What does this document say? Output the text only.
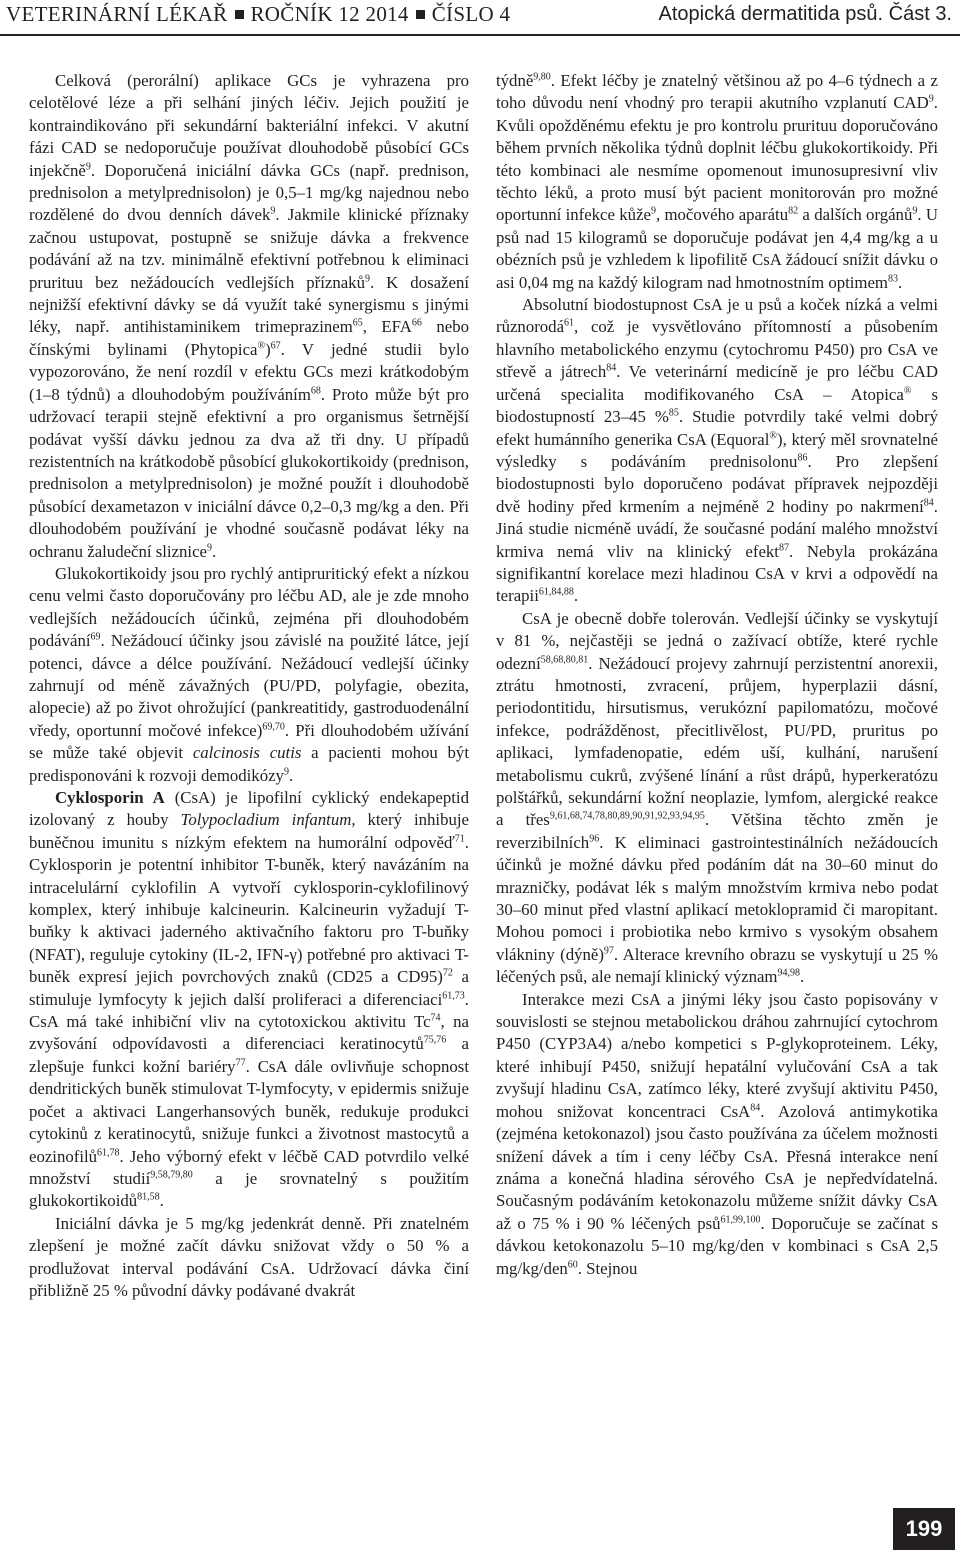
VETERINÁRNÍ LÉKAŘ ROČNÍK 12 2014 ČÍSLO 4	Atopická dermatitida psů. Část 3.

Celková (perorální) aplikace GCs je vyhrazena pro celotělové léze a při selhání jiných léčiv. Jejich použití je kontraindikováno při sekundární bakteriální infekci. V akutní fázi CAD se nedoporučuje používat dlouhodobě působící GCs injekčně$^9$. Doporučená iniciální dávka GCs (např. prednison, prednisolon a metylprednisolon) je 0,5–1 mg/kg najednou nebo rozdělené do dvou denních dávek$^9$. Jakmile klinické příznaky začnou ustupovat, postupně se snižuje dávka a frekvence podávání až na tzv. minimálně efektivní potřebnou k eliminaci prurituu bez nežádoucích vedlejších příznaků$^9$. K dosažení nejnižší efektivní dávky se dá využít také synergismu s jinými léky, např. antihistaminikem trimeprazinem$^{65}$, EFA$^{66}$ nebo čínskými bylinami (Phytopica®)$^{67}$. V jedné studii bylo vypozorováno, že není rozdíl v efektu GCs mezi krátkodobým (1–8 týdnů) a dlouhodobým používáním$^{68}$. Proto může být pro udržovací terapii stejně efektivní a pro organismus šetrnější podávat vyšší dávku jednou za dva až tři dny. U případů rezistentních na krátkodobě působící glukokortikoidy (prednison, prednisolon a metylprednisolon) je možné použít i dlouhodobě působící dexametazon v iniciální dávce 0,2–0,3 mg/kg a den. Při dlouhodobém používání je vhodné současně podávat léky na ochranu žaludeční sliznice$^9$.

Glukokortikoidy jsou pro rychlý antipruritický efekt a nízkou cenu velmi často doporučovány pro léčbu AD, ale je zde mnoho vedlejších nežádoucích účinků, zejména při dlouhodobém podávání$^{69}$. Nežádoucí účinky jsou závislé na použité látce, její potenci, dávce a délce používání. Nežádoucí vedlejší účinky zahrnují od méně závažných (PU/PD, polyfagie, obezita, alopecie) až po život ohrožující (pankreatitidy, gastroduodenální vředy, oportunní močové infekce)$^{69,70}$. Při dlouhodobém užívání se může také objevit calcinosis cutis a pacienti mohou být predisponováni k rozvoji demodikózy$^9$.

Cyklosporin A (CsA) je lipofilní cyklický endekapeptid izolovaný z houby Tolypocladium infantum, který inhibuje buněčnou imunitu s nízkým efektem na humorální odpověď$^{71}$. Cyklosporin je potentní inhibitor T-buněk, který navázáním na intracelulární cyklofilin A vytvoří cyklosporin-cyklofilinový komplex, který inhibuje kalcineurin. Kalcineurin vyžadují T-buňky k aktivaci jaderného aktivačního faktoru pro T-buňky (NFAT), reguluje cytokiny (IL-2, IFN-γ) potřebné pro aktivaci T-buněk expresí jejich povrchových znaků (CD25 a CD95)$^{72}$ a stimuluje lymfocyty k jejich další proliferaci a diferenciaci$^{61,73}$. CsA má také inhibiční vliv na cytotoxickou aktivitu Tc$^{74}$, na zvyšování odpovídavosti a diferenciaci keratinocytů$^{75,76}$ a zlepšuje funkci kožní bariéry$^{77}$. CsA dále ovlivňuje schopnost dendritických buněk stimulovat T-lymfocyty, v epidermis snižuje počet a aktivaci Langerhansových buněk, redukuje produkci cytokinů z keratinocytů, snižuje funkci a životnost mastocytů a eozinofilů$^{61,78}$. Jeho výborný efekt v léčbě CAD potvrdilo velké množství studií$^{9,58,79,80}$ a je srovnatelný s použitím glukokortikoidů$^{81,58}$.

Iniciální dávka je 5 mg/kg jedenkrát denně. Při znatelném zlepšení je možné začít dávku snižovat vždy o 50 % a prodlužovat interval podávání CsA. Udržovací dávka činí přibližně 25 % původní dávky podávané dvakrát

týdně$^{9,80}$. Efekt léčby je znatelný většinou až po 4–6 týdnech a z toho důvodu není vhodný pro terapii akutního vzplanutí CAD$^9$. Kvůli opožděnému efektu je pro kontrolu prurituu doporučováno během prvních několika týdnů doplnit léčbu glukokortikoidy. Při této kombinaci ale nesmíme opomenout imunosupresivní vliv těchto léků, a proto musí být pacient monitorován pro možné oportunní infekce kůže$^9$, močového aparátu$^{82}$ a dalších orgánů$^9$. U psů nad 15 kilogramů se doporučuje podávat jen 4,4 mg/kg a u obézních psů je vzhledem k lipofilitě CsA žádoucí snížit dávku o asi 0,04 mg na každý kilogram nad hmotnostním optimem$^{83}$.

Absolutní biodostupnost CsA je u psů a koček nízká a velmi různorodá$^{61}$, což je vysvětlováno přítomností a působením hlavního metabolického enzymu (cytochromu P450) pro CsA ve střevě a játrech$^{84}$. Ve veterinární medicíně je pro léčbu CAD určená specialita modifikovaného CsA – Atopica® s biodostupností 23–45 %$^{85}$. Studie potvrdily také velmi dobrý efekt humánního generika CsA (Equoral®), který měl srovnatelné výsledky s podáváním prednisolonu$^{86}$. Pro zlepšení biodostupnosti bylo doporučeno podávat přípravek nejpozději dvě hodiny před krmením a nejméně 2 hodiny po nakrmení$^{84}$. Jiná studie nicméně uvádí, že současné podání malého množství krmiva nemá vliv na klinický efekt$^{87}$. Nebyla prokázána signifikantní korelace mezi hladinou CsA v krvi a odpovědí na terapii$^{61,84,88}$.

CsA je obecně dobře tolerován. Vedlejší účinky se vyskytují v 81 %, nejčastěji se jedná o zažívací obtíže, které rychle odezní$^{58,68,80,81}$. Nežádoucí projevy zahrnují perzistentní anorexii, ztrátu hmotnosti, zvracení, průjem, hyperplazii dásní, periodontitidu, hirsutismus, verukózní papilomatózu, močové infekce, podrážděnost, přecitlivělost, PU/PD, pruritus po aplikaci, lymfadenopatie, edém uší, kulhání, narušení metabolismu cukrů, zvýšené línání a růst drápů, hyperkeratózu polštářků, sekundární kožní neoplazie, lymfom, alergické reakce a třes$^{9,61,68,74,78,80,89,90,91,92,93,94,95}$. Většina těchto změn je reverzibilních$^{96}$. K eliminaci gastrointestinálních nežádoucích účinků je možné dávku před podáním dát na 30–60 minut do mrazničky, podávat lék s malým množstvím krmiva nebo podat 30–60 minut před vlastní aplikací metoklopramid či maropitant. Mohou pomoci i probiotika nebo krmivo s vysokým obsahem vlákniny (dýně)$^{97}$. Alterace krevního obrazu se vyskytují u 25 % léčených psů, ale nemají klinický význam$^{94,98}$.

Interakce mezi CsA a jinými léky jsou často popisovány v souvislosti se stejnou metabolickou dráhou zahrnující cytochrom P450 (CYP3A4) a/nebo kompetici s P-glykoproteinem. Léky, které inhibují P450, snižují hepatální vylučování CsA a tak zvyšují hladinu CsA, zatímco léky, které zvyšují aktivitu P450, mohou snižovat koncentraci CsA$^{84}$. Azolová antimykotika (zejména ketokonazol) jsou často používána za účelem možnosti snížení dávek a tím i ceny léčby CsA. Přesná interakce není známa a konečná hladina sérového CsA je nepředvídatelná. Současným podáváním ketokonazolu můžeme snížit dávky CsA až o 75 % i 90 % léčených psů$^{61,99,100}$. Doporučuje se začínat s dávkou ketokonazolu 5–10 mg/kg/den v kombinaci s CsA 2,5 mg/kg/den$^{60}$. Stejnou

199
